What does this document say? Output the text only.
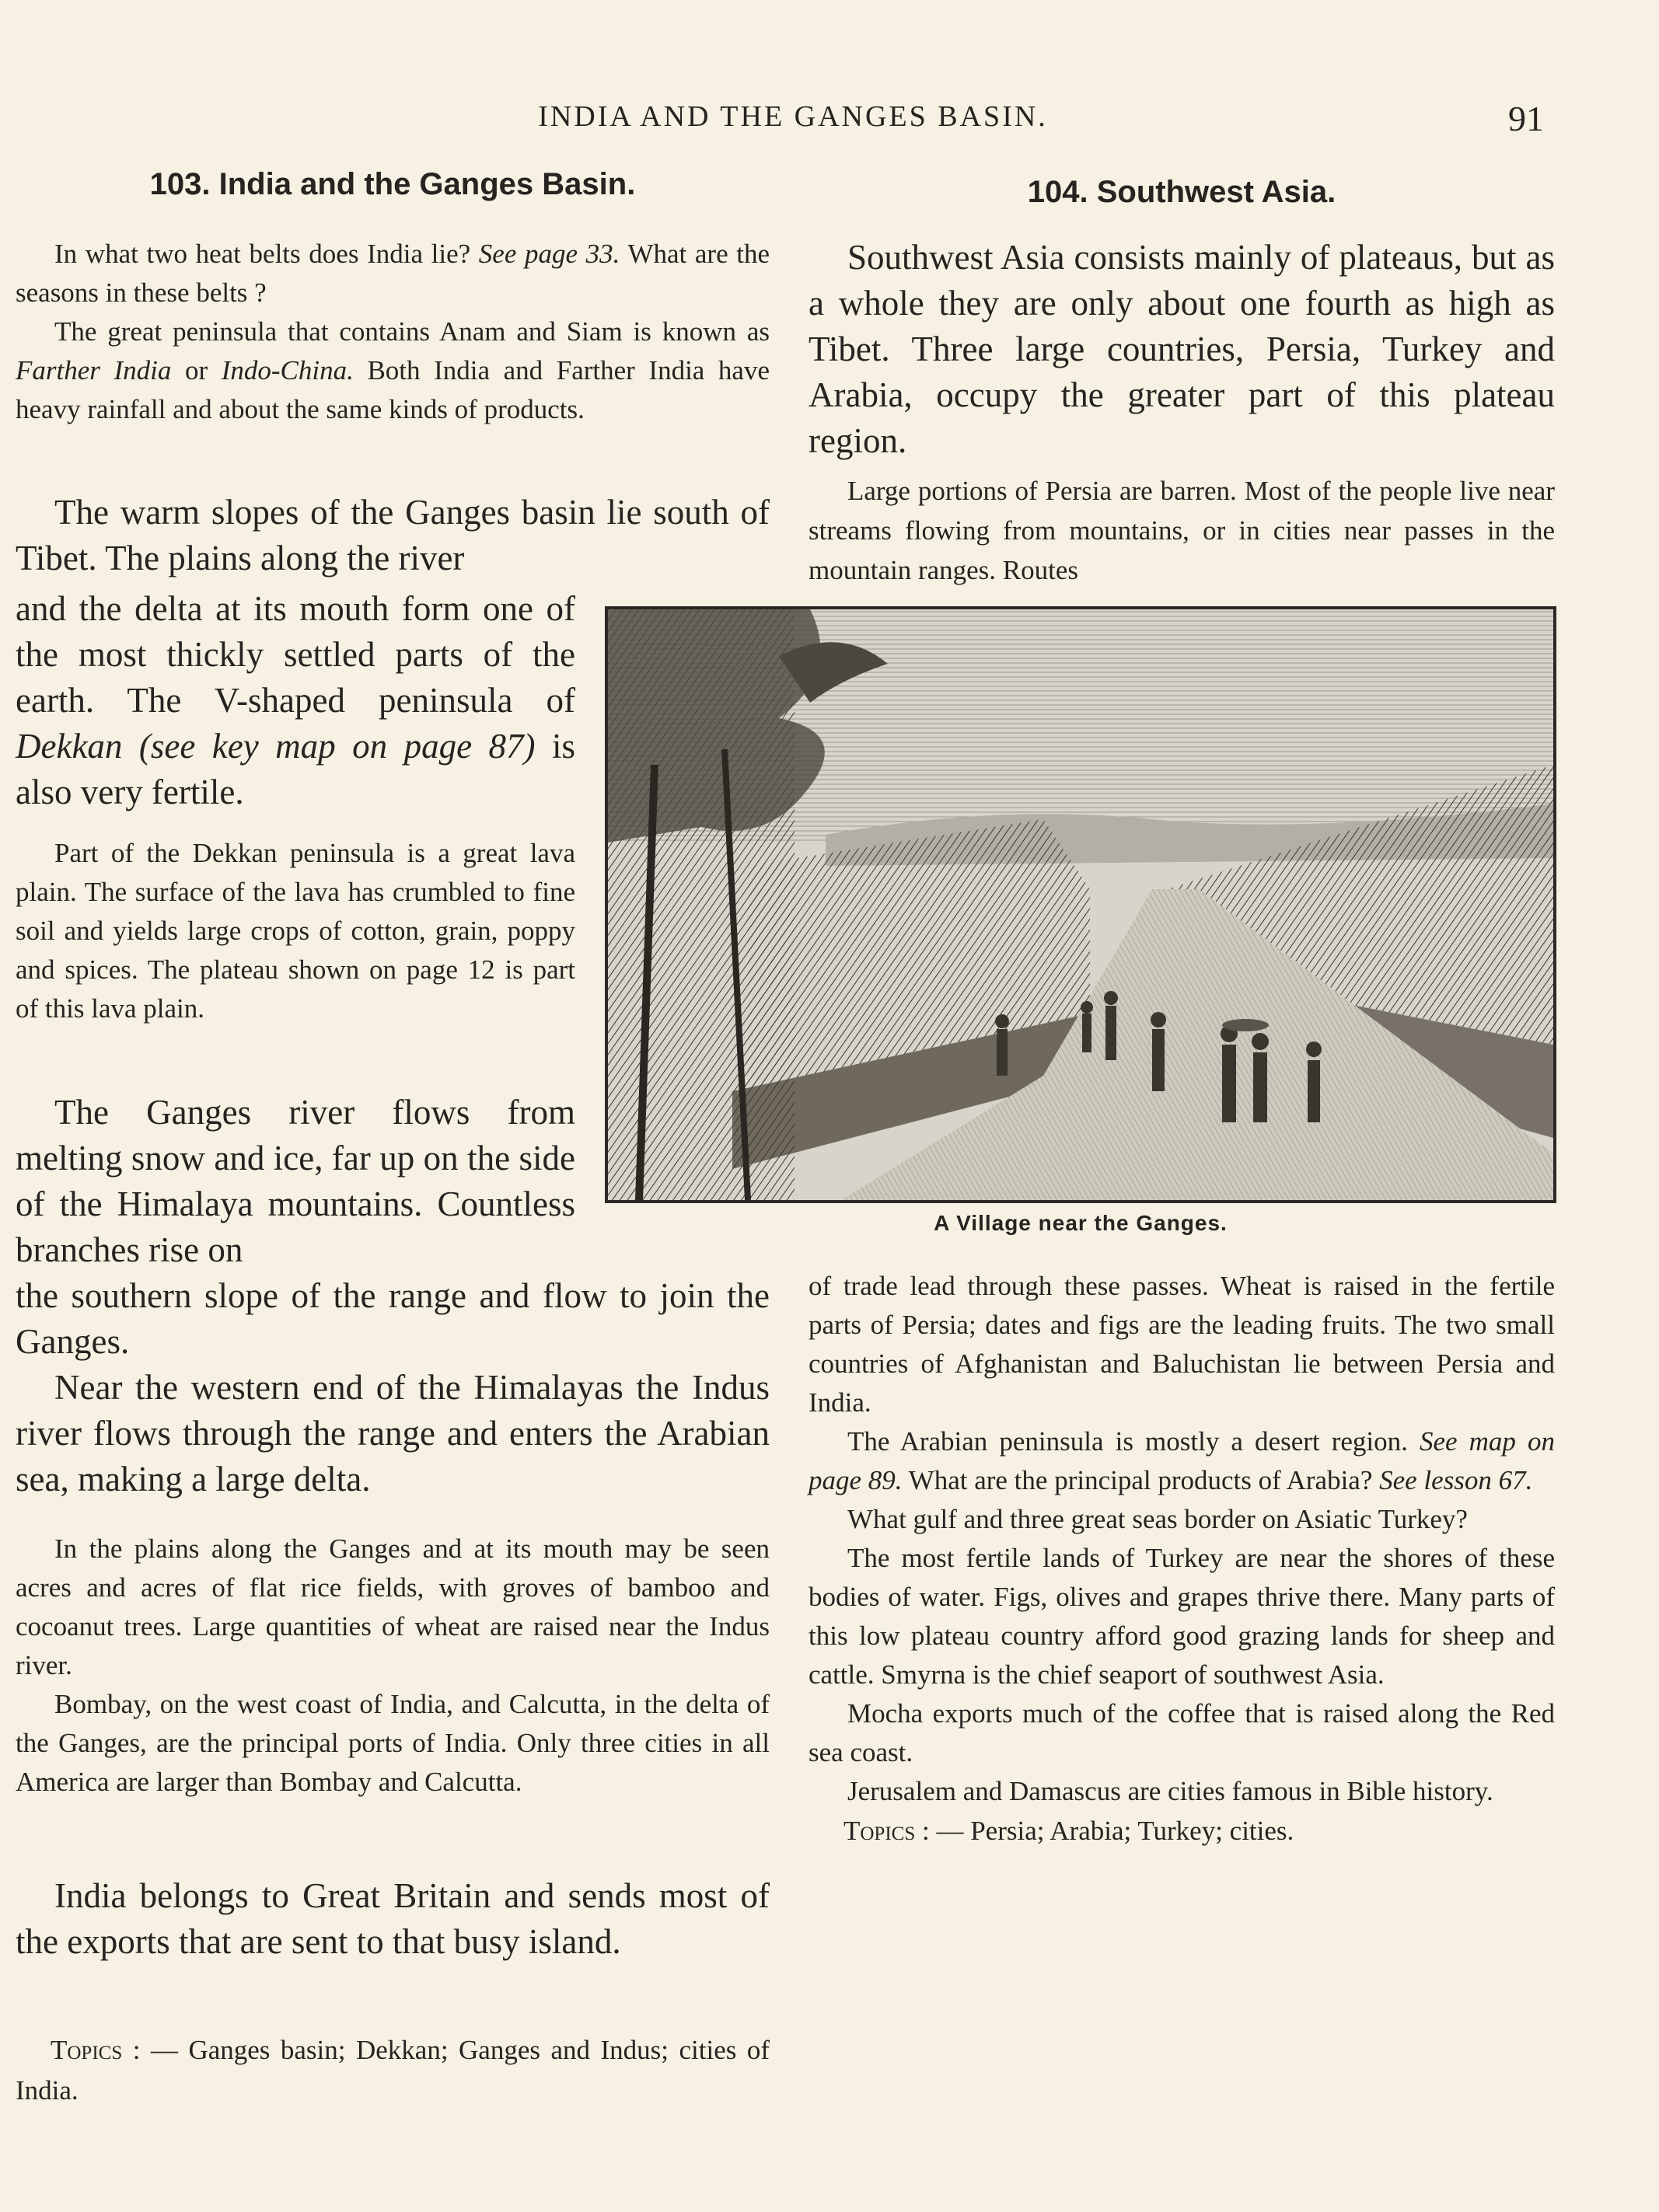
INDIA AND THE GANGES BASIN.	91
103. India and the Ganges Basin.

In what two heat belts does India lie? See page 33. What are the seasons in these belts ?

The great peninsula that contains Anam and Siam is known as Farther India or Indo-China. Both India and Farther India have heavy rainfall and about the same kinds of products.

The warm slopes of the Ganges basin lie south of Tibet. The plains along the river

and the delta at its mouth form one of the most thickly settled parts of the earth. The V-shaped peninsula of Dekkan (see key map on page 87) is also very fertile.

Part of the Dekkan peninsula is a great lava plain. The surface of the lava has crumbled to fine soil and yields large crops of cotton, grain, poppy and spices. The plateau shown on page 12 is part of this lava plain.

The Ganges river flows from melting snow and ice, far up on the side of the Himalaya mountains. Countless branches rise on

the southern slope of the range and flow to join the Ganges.

Near the western end of the Himalayas the Indus river flows through the range and enters the Arabian sea, making a large delta.

In the plains along the Ganges and at its mouth may be seen acres and acres of flat rice fields, with groves of bamboo and cocoanut trees. Large quantities of wheat are raised near the Indus river.

Bombay, on the west coast of India, and Calcutta, in the delta of the Ganges, are the principal ports of India. Only three cities in all America are larger than Bombay and Calcutta.

India belongs to Great Britain and sends most of the exports that are sent to that busy island.

Topics : — Ganges basin; Dekkan; Ganges and Indus; cities of India.

104. Southwest Asia.

Southwest Asia consists mainly of plateaus, but as a whole they are only about one fourth as high as Tibet. Three large countries, Persia, Turkey and Arabia, occupy the greater part of this plateau region.

Large portions of Persia are barren. Most of the people live near streams flowing from mountains, or in cities near passes in the mountain ranges. Routes

A Village near the Ganges.

of trade lead through these passes. Wheat is raised in the fertile parts of Persia; dates and figs are the leading fruits. The two small countries of Afghanistan and Baluchistan lie between Persia and India.

The Arabian peninsula is mostly a desert region. See map on page 89. What are the principal products of Arabia? See lesson 67.

What gulf and three great seas border on Asiatic Turkey?

The most fertile lands of Turkey are near the shores of these bodies of water. Figs, olives and grapes thrive there. Many parts of this low plateau country afford good grazing lands for sheep and cattle. Smyrna is the chief seaport of southwest Asia.

Mocha exports much of the coffee that is raised along the Red sea coast.

Jerusalem and Damascus are cities famous in Bible history.

Topics : — Persia; Arabia; Turkey; cities.
